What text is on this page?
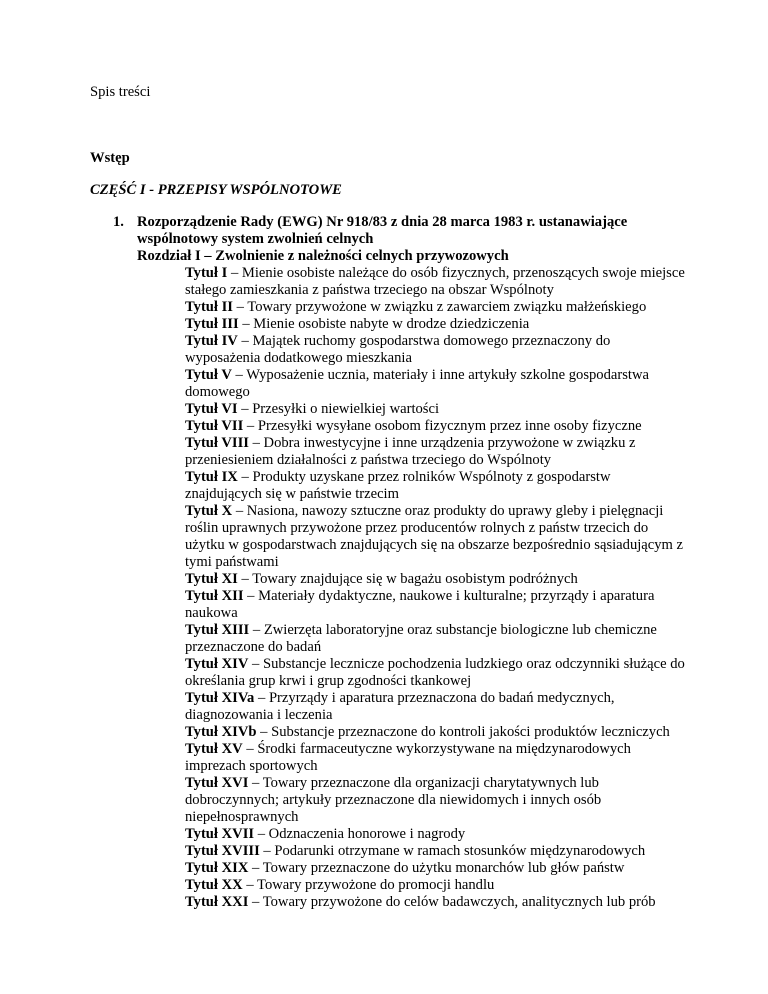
Spis treści
Wstęp
CZĘŚĆ I - PRZEPISY WSPÓLNOTOWE
1. Rozporządzenie Rady (EWG) Nr 918/83 z dnia 28 marca 1983 r. ustanawiające wspólnotowy system zwolnień celnych
Rozdział I – Zwolnienie z należności celnych przywozowych
Tytuł I – Mienie osobiste należące do osób fizycznych, przenoszących swoje miejsce stałego zamieszkania z państwa trzeciego na obszar Wspólnoty
Tytuł II – Towary przywożone w związku z zawarciem związku małżeńskiego
Tytuł III – Mienie osobiste nabyte w drodze dziedziczenia
Tytuł IV – Majątek ruchomy gospodarstwa domowego przeznaczony do wyposażenia dodatkowego mieszkania
Tytuł V – Wyposażenie ucznia, materiały i inne artykuły szkolne gospodarstwa domowego
Tytuł VI – Przesyłki o niewielkiej wartości
Tytuł VII – Przesyłki wysyłane osobom fizycznym przez inne osoby fizyczne
Tytuł VIII – Dobra inwestycyjne i inne urządzenia przywożone w związku z przeniesieniem działalności z państwa trzeciego do Wspólnoty
Tytuł IX – Produkty uzyskane przez rolników Wspólnoty z gospodarstw znajdujących się w państwie trzecim
Tytuł X – Nasiona, nawozy sztuczne oraz produkty do uprawy gleby i pielęgnacji roślin uprawnych przywożone przez producentów rolnych z państw trzecich do użytku w gospodarstwach znajdujących się na obszarze bezpośrednio sąsiadującym z tymi państwami
Tytuł XI – Towary znajdujące się w bagażu osobistym podróżnych
Tytuł XII – Materiały dydaktyczne, naukowe i kulturalne; przyrządy i aparatura naukowa
Tytuł XIII – Zwierzęta laboratoryjne oraz substancje biologiczne lub chemiczne przeznaczone do badań
Tytuł XIV – Substancje lecznicze pochodzenia ludzkiego oraz odczynniki służące do określania grup krwi i grup zgodności tkankowej
Tytuł XIVa – Przyrządy i aparatura przeznaczona do badań medycznych, diagnozowania i leczenia
Tytuł XIVb – Substancje przeznaczone do kontroli jakości produktów leczniczych
Tytuł XV – Środki farmaceutyczne wykorzystywane na międzynarodowych imprezach sportowych
Tytuł XVI – Towary przeznaczone dla organizacji charytatywnych lub dobroczynnych; artykuły przeznaczone dla niewidomych i innych osób niepełnosprawnych
Tytuł XVII – Odznaczenia honorowe i nagrody
Tytuł XVIII – Podarunki otrzymane w ramach stosunków międzynarodowych
Tytuł XIX – Towary przeznaczone do użytku monarchów lub głów państw
Tytuł XX – Towary przywożone do promocji handlu
Tytuł XXI – Towary przywożone do celów badawczych, analitycznych lub prób
